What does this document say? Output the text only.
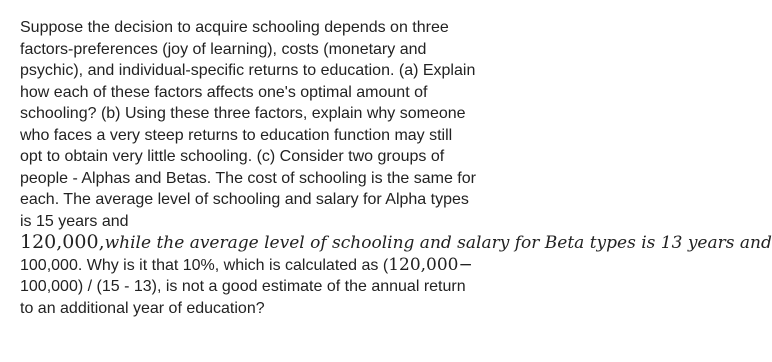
Suppose the decision to acquire schooling depends on three
factors-preferences (joy of learning), costs (monetary and
psychic), and individual-specific returns to education. (a) Explain
how each of these factors affects one's optimal amount of
schooling? (b) Using these three factors, explain why someone
who faces a very steep returns to education function may still
opt to obtain very little schooling. (c) Consider two groups of
people - Alphas and Betas. The cost of schooling is the same for
each. The average level of schooling and salary for Alpha types
is 15 years and
120,000,while the average level of schooling and salary for Beta types is 13 years and
100,000. Why is it that 10%, which is calculated as (120,000−
100,000) / (15 - 13), is not a good estimate of the annual return
to an additional year of education?
